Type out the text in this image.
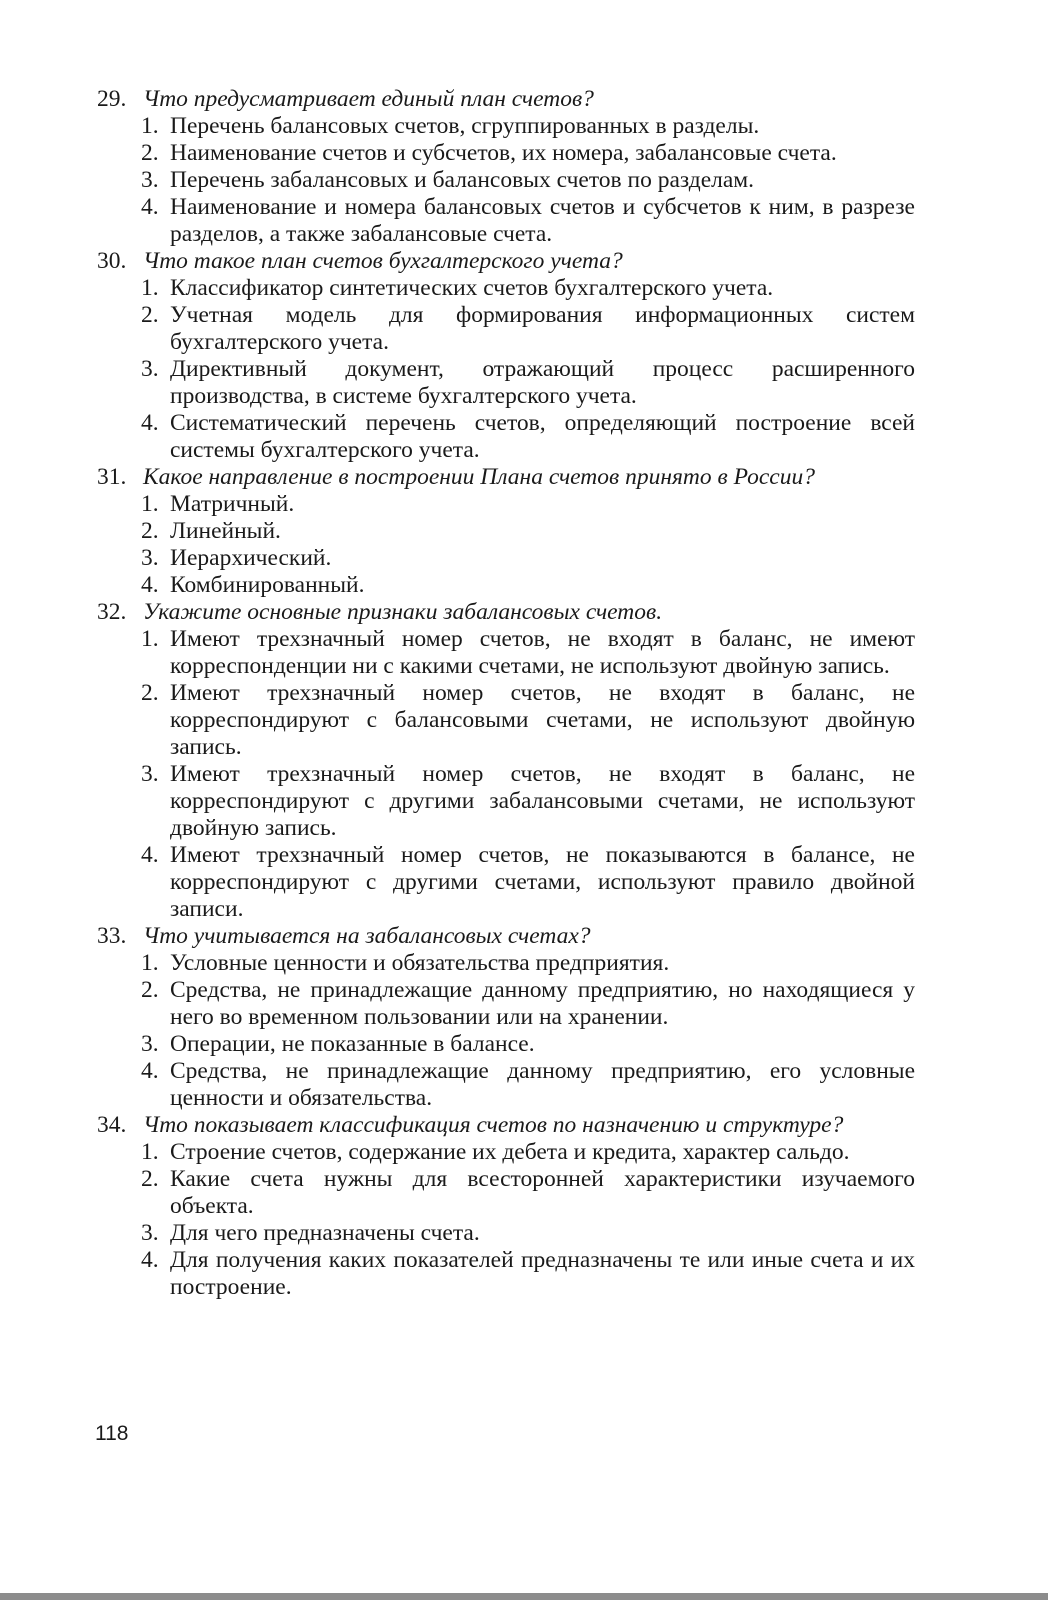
29. Что предусматривает единый план счетов?
1. Перечень балансовых счетов, сгруппированных в разделы.
2. Наименование счетов и субсчетов, их номера, забалансовые счета.
3. Перечень забалансовых и балансовых счетов по разделам.
4. Наименование и номера балансовых счетов и субсчетов к ним, в разрезе разделов, а также забалансовые счета.
30. Что такое план счетов бухгалтерского учета?
1. Классификатор синтетических счетов бухгалтерского учета.
2. Учетная модель для формирования информационных систем бухгалтерского учета.
3. Директивный документ, отражающий процесс расширенного производства, в системе бухгалтерского учета.
4. Систематический перечень счетов, определяющий построение всей системы бухгалтерского учета.
31. Какое направление в построении Плана счетов принято в России?
1. Матричный.
2. Линейный.
3. Иерархический.
4. Комбинированный.
32. Укажите основные признаки забалансовых счетов.
1. Имеют трехзначный номер счетов, не входят в баланс, не имеют корреспонденции ни с какими счетами, не используют двойную запись.
2. Имеют трехзначный номер счетов, не входят в баланс, не корреспондируют с балансовыми счетами, не используют двойную запись.
3. Имеют трехзначный номер счетов, не входят в баланс, не корреспондируют с другими забалансовыми счетами, не используют двойную запись.
4. Имеют трехзначный номер счетов, не показываются в балансе, не корреспондируют с другими счетами, используют правило двойной записи.
33. Что учитывается на забалансовых счетах?
1. Условные ценности и обязательства предприятия.
2. Средства, не принадлежащие данному предприятию, но находящиеся у него во временном пользовании или на хранении.
3. Операции, не показанные в балансе.
4. Средства, не принадлежащие данному предприятию, его условные ценности и обязательства.
34. Что показывает классификация счетов по назначению и структуре?
1. Строение счетов, содержание их дебета и кредита, характер сальдо.
2. Какие счета нужны для всесторонней характеристики изучаемого объекта.
3. Для чего предназначены счета.
4. Для получения каких показателей предназначены те или иные счета и их построение.
118
